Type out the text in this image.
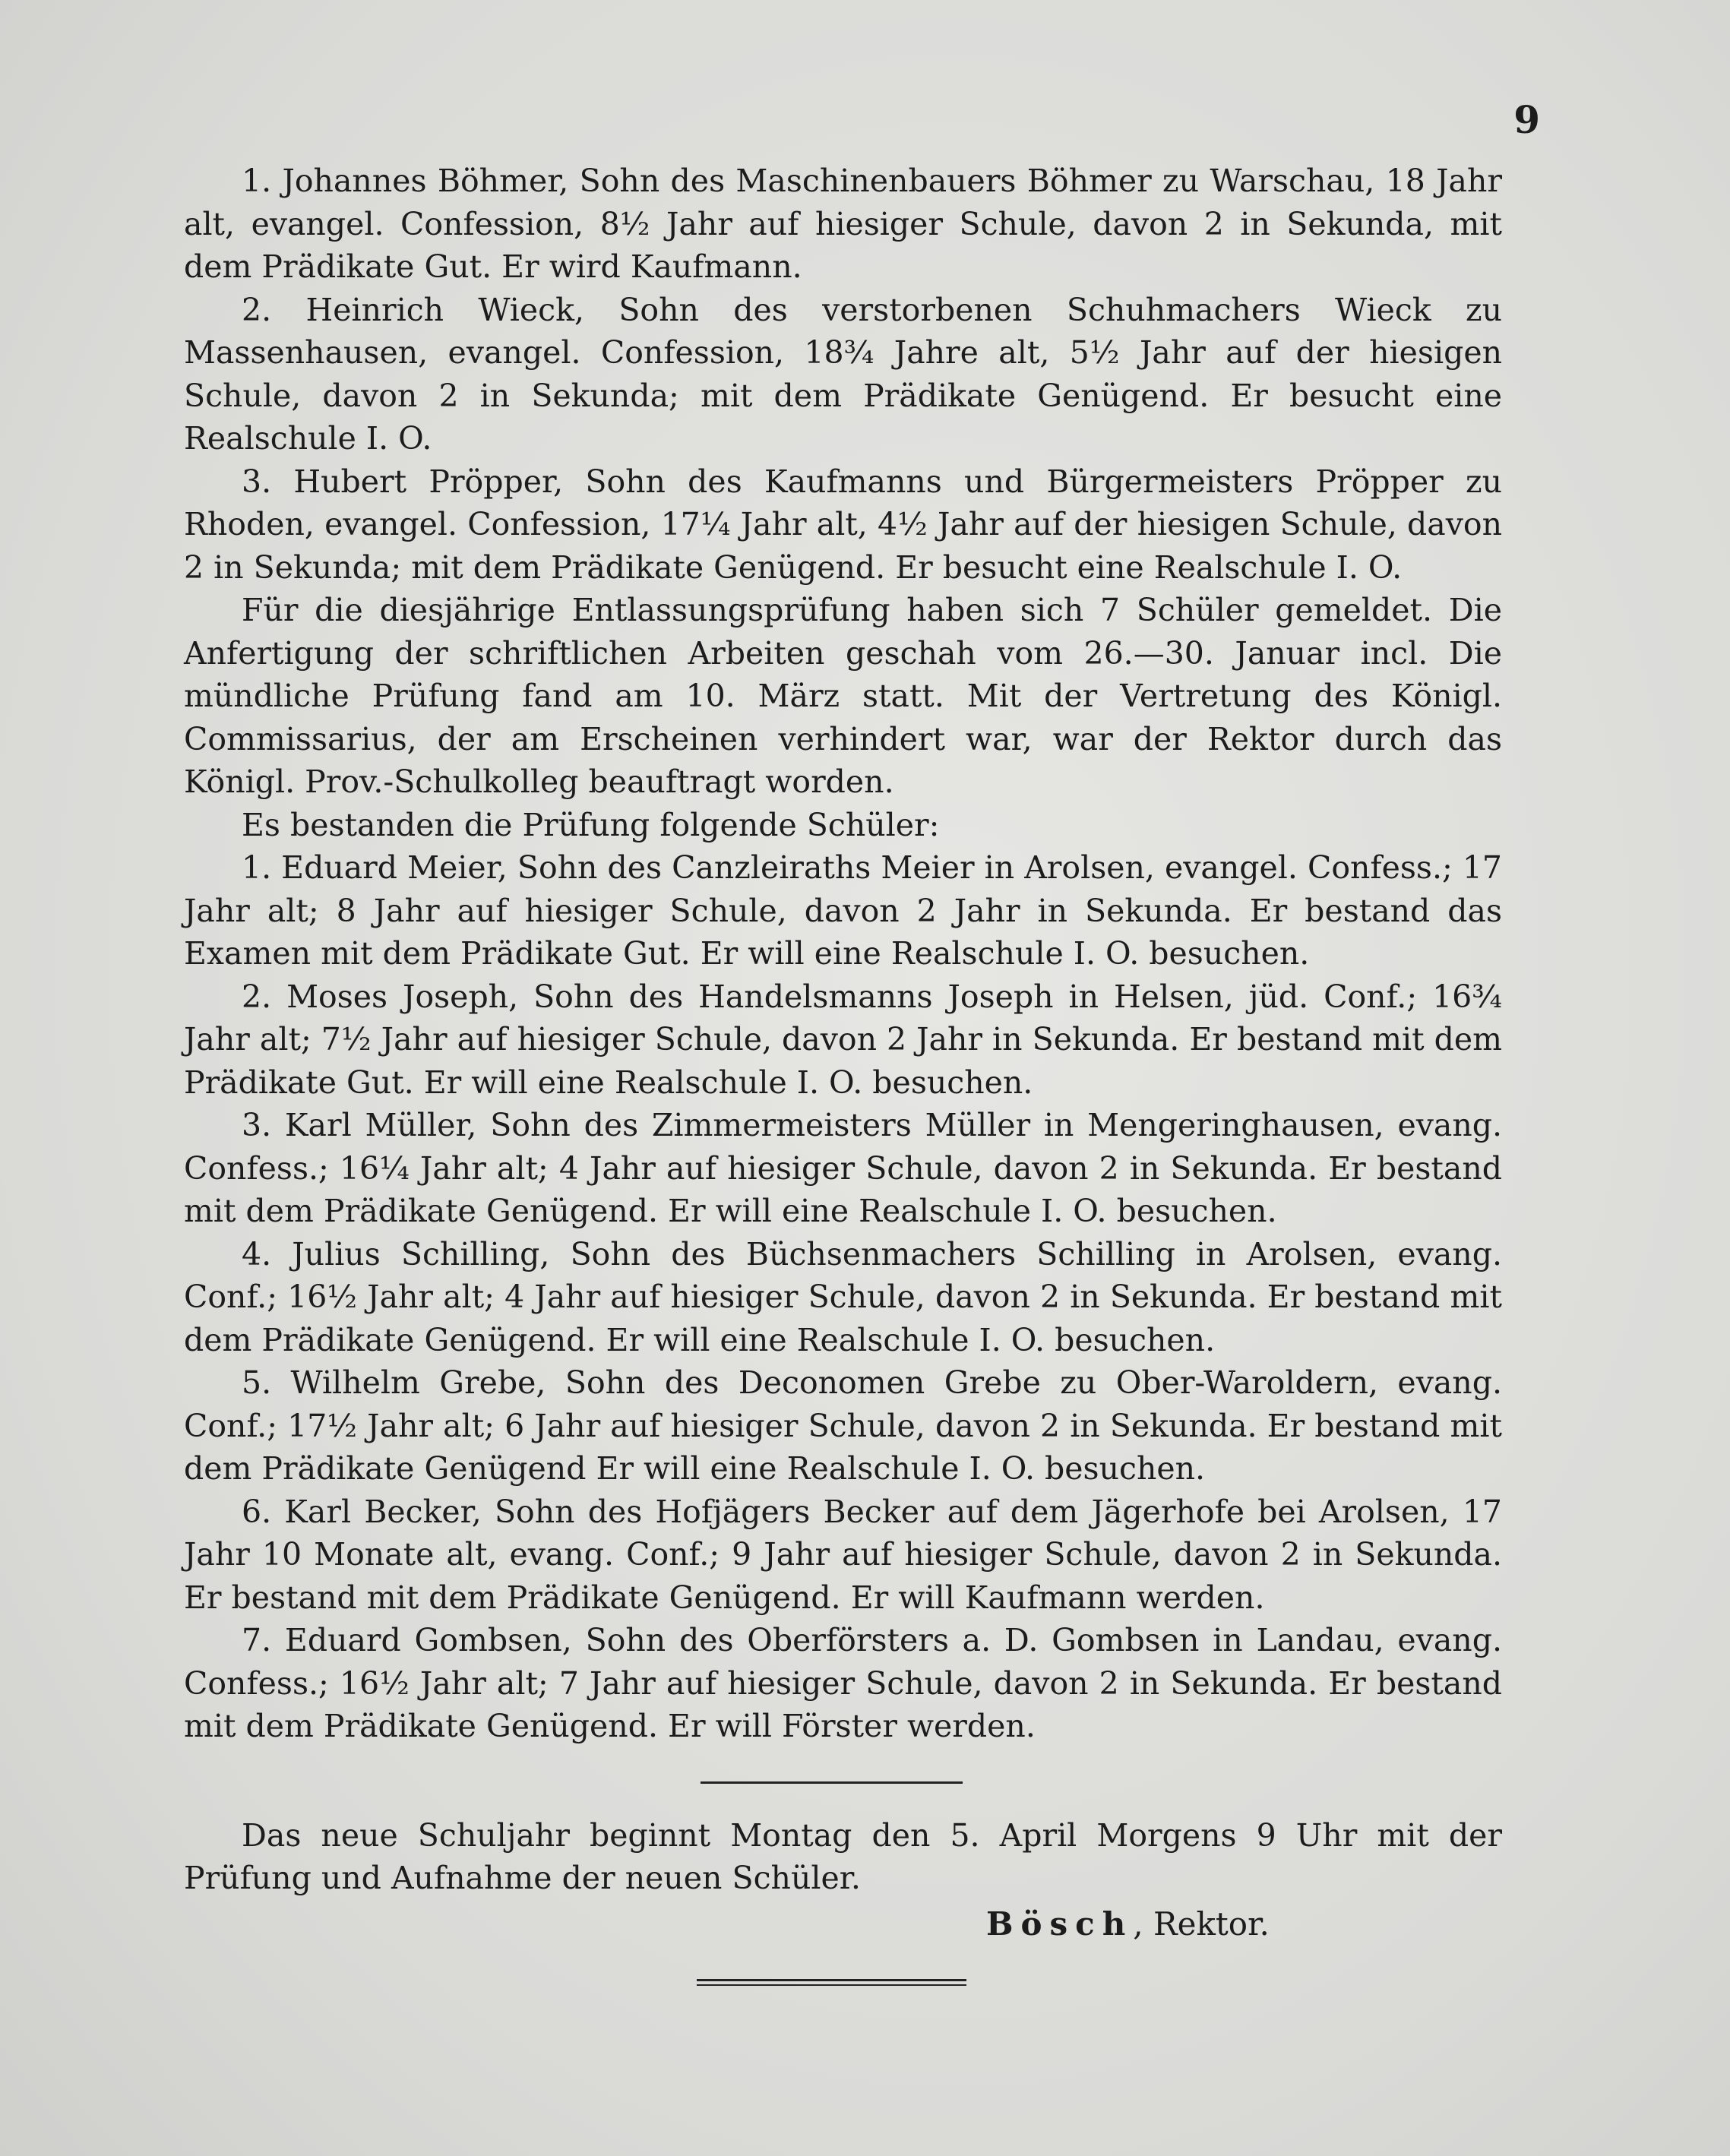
9

1. Johannes Böhmer, Sohn des Maschinenbauers Böhmer zu Warschau, 18 Jahr alt, evangel. Confession, 8½ Jahr auf hiesiger Schule, davon 2 in Sekunda, mit dem Prädikate Gut. Er wird Kaufmann.

2. Heinrich Wieck, Sohn des verstorbenen Schuhmachers Wieck zu Massenhausen, evangel. Confession, 18¾ Jahre alt, 5½ Jahr auf der hiesigen Schule, davon 2 in Sekunda; mit dem Prädikate Genügend. Er besucht eine Realschule I. O.

3. Hubert Pröpper, Sohn des Kaufmanns und Bürgermeisters Pröpper zu Rhoden, evangel. Confession, 17¼ Jahr alt, 4½ Jahr auf der hiesigen Schule, davon 2 in Sekunda; mit dem Prädikate Genügend. Er besucht eine Realschule I. O.

Für die diesjährige Entlassungsprüfung haben sich 7 Schüler gemeldet. Die Anfertigung der schriftlichen Arbeiten geschah vom 26.—30. Januar incl. Die mündliche Prüfung fand am 10. März statt. Mit der Vertretung des Königl. Commissarius, der am Erscheinen verhindert war, war der Rektor durch das Königl. Prov.-Schulkolleg beauftragt worden.

Es bestanden die Prüfung folgende Schüler:

1. Eduard Meier, Sohn des Canzleiraths Meier in Arolsen, evangel. Confess.; 17 Jahr alt; 8 Jahr auf hiesiger Schule, davon 2 Jahr in Sekunda. Er bestand das Examen mit dem Prädikate Gut. Er will eine Realschule I. O. besuchen.

2. Moses Joseph, Sohn des Handelsmanns Joseph in Helsen, jüd. Conf.; 16¾ Jahr alt; 7½ Jahr auf hiesiger Schule, davon 2 Jahr in Sekunda. Er bestand mit dem Prädikate Gut. Er will eine Realschule I. O. besuchen.

3. Karl Müller, Sohn des Zimmermeisters Müller in Mengeringhausen, evang. Confess.; 16¼ Jahr alt; 4 Jahr auf hiesiger Schule, davon 2 in Sekunda. Er bestand mit dem Prädikate Genügend. Er will eine Realschule I. O. besuchen.

4. Julius Schilling, Sohn des Büchsenmachers Schilling in Arolsen, evang. Conf.; 16½ Jahr alt; 4 Jahr auf hiesiger Schule, davon 2 in Sekunda. Er bestand mit dem Prädikate Genügend. Er will eine Realschule I. O. besuchen.

5. Wilhelm Grebe, Sohn des Deconomen Grebe zu Ober-Waroldern, evang. Conf.; 17½ Jahr alt; 6 Jahr auf hiesiger Schule, davon 2 in Sekunda. Er bestand mit dem Prädikate Genügend Er will eine Realschule I. O. besuchen.

6. Karl Becker, Sohn des Hofjägers Becker auf dem Jägerhofe bei Arolsen, 17 Jahr 10 Monate alt, evang. Conf.; 9 Jahr auf hiesiger Schule, davon 2 in Sekunda. Er bestand mit dem Prädikate Genügend. Er will Kaufmann werden.

7. Eduard Gombsen, Sohn des Oberförsters a. D. Gombsen in Landau, evang. Confess.; 16½ Jahr alt; 7 Jahr auf hiesiger Schule, davon 2 in Sekunda. Er bestand mit dem Prädikate Genügend. Er will Förster werden.

Das neue Schuljahr beginnt Montag den 5. April Morgens 9 Uhr mit der Prüfung und Aufnahme der neuen Schüler.

Bösch, Rektor.
